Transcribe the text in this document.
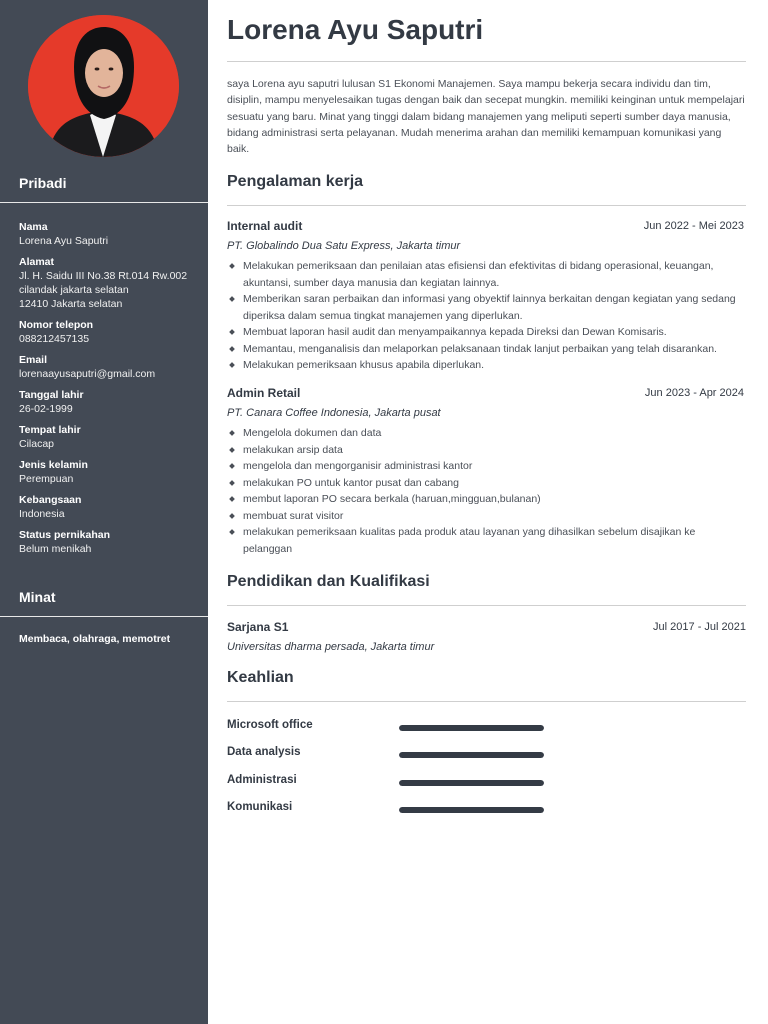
Pribadi
Nama
Lorena Ayu Saputri
Alamat
Jl. H. Saidu III No.38 Rt.014 Rw.002
cilandak jakarta selatan
12410 Jakarta selatan
Nomor telepon
088212457135
Email
lorenaayusaputri@gmail.com
Tanggal lahir
26-02-1999
Tempat lahir
Cilacap
Jenis kelamin
Perempuan
Kebangsaan
Indonesia
Status pernikahan
Belum menikah
Minat
Membaca, olahraga, memotret
Lorena Ayu Saputri

saya Lorena ayu saputri lulusan S1 Ekonomi Manajemen. Saya mampu bekerja secara individu dan tim, disiplin, mampu menyelesaikan tugas dengan baik dan secepat mungkin. memiliki keinginan untuk mempelajari sesuatu yang baru. Minat yang tinggi dalam bidang manajemen yang meliputi seperti sumber daya manusia, bidang administrasi serta pelayanan. Mudah menerima arahan dan memiliki kemampuan komunikasi yang baik.

Pengalaman kerja
Internal audit	Jun 2022 - Mei 2023
PT. Globalindo Dua Satu Express, Jakarta timur
Melakukan pemeriksaan dan penilaian atas efisiensi dan efektivitas di bidang operasional, keuangan, akuntansi, sumber daya manusia dan kegiatan lainnya.
Memberikan saran perbaikan dan informasi yang obyektif lainnya berkaitan dengan kegiatan yang sedang diperiksa dalam semua tingkat manajemen yang diperlukan.
Membuat laporan hasil audit dan menyampaikannya kepada Direksi dan Dewan Komisaris.
Memantau, menganalisis dan melaporkan pelaksanaan tindak lanjut perbaikan yang telah disarankan.
Melakukan pemeriksaan khusus apabila diperlukan.
Admin Retail	Jun 2023 - Apr 2024
PT. Canara Coffee Indonesia, Jakarta pusat
Mengelola dokumen dan data
melakukan arsip data
mengelola dan mengorganisir administrasi kantor
melakukan PO untuk kantor pusat dan cabang
membut laporan PO secara berkala (haruan,mingguan,bulanan)
membuat surat visitor
melakukan pemeriksaan kualitas pada produk atau layanan yang dihasilkan sebelum disajikan ke pelanggan
Pendidikan dan Kualifikasi
Sarjana S1	Jul 2017 - Jul 2021
Universitas dharma persada, Jakarta timur
Keahlian
Microsoft office
Data analysis
Administrasi
Komunikasi
